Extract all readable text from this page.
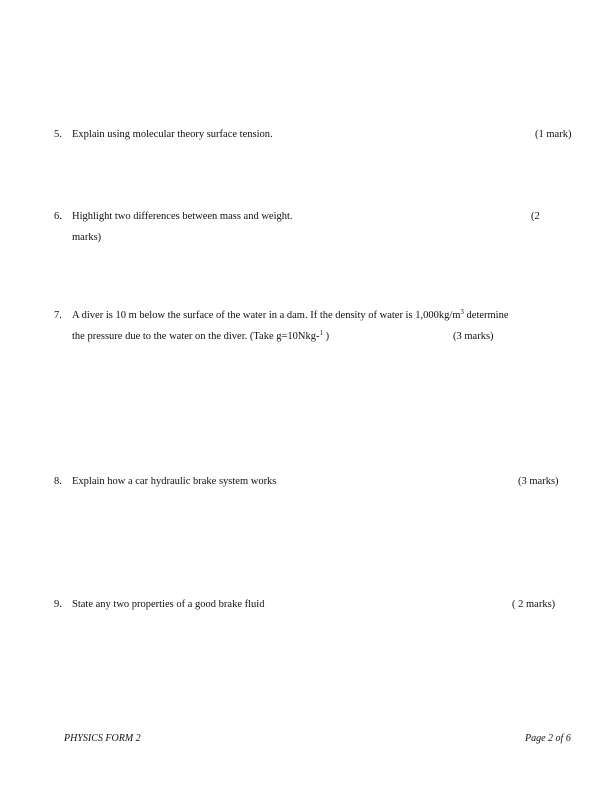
5. Explain using molecular theory surface tension.	(1 mark)
6. Highlight two differences between mass and weight.	(2
marks)
7. A diver is 10 m below the surface of the water in a dam. If the density of water is $1,000kg/m^3$ determine
the pressure due to the water on the diver. (Take g=10Nkg-$^1$ )	(3 marks)
8. Explain how a car hydraulic brake system works	(3 marks)
9. State any two properties of a good brake fluid	( 2 marks)
PHYSICS FORM 2	Page 2 of 6
